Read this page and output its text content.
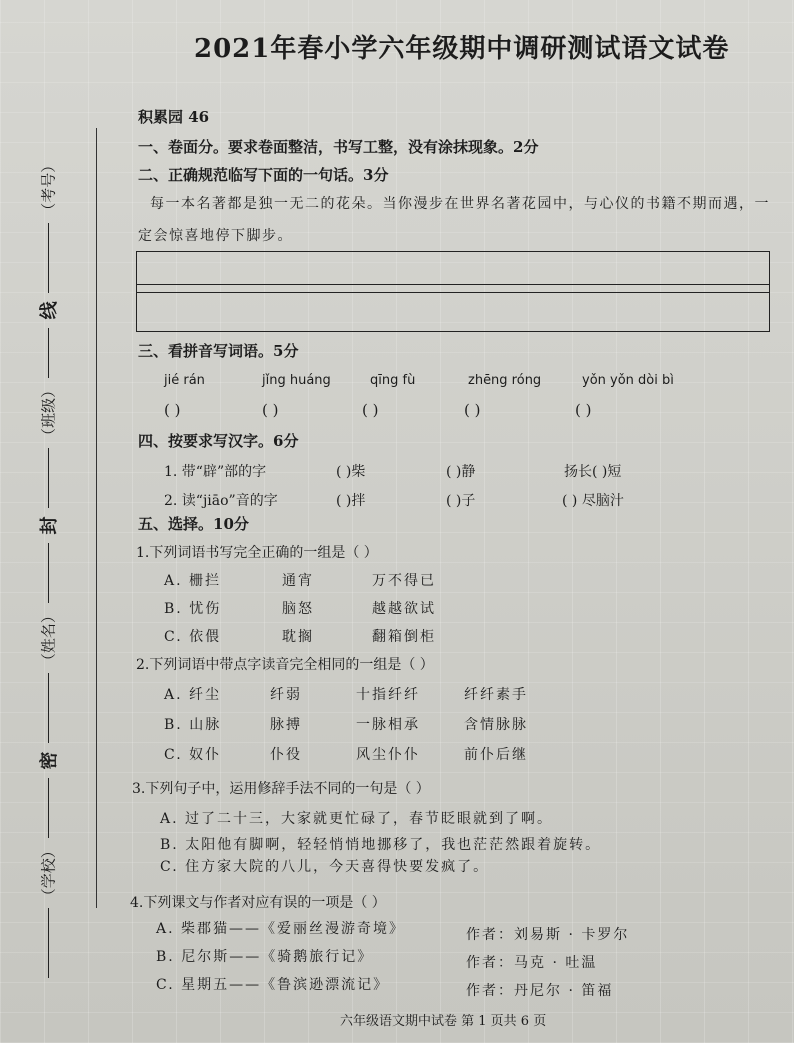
（学校）  密  （姓名）  封  （班级）  线  （考号）
2021年春小学六年级期中调研测试语文试卷
积累园 46
一、卷面分。要求卷面整洁，书写工整，没有涂抹现象。2分
二、正确规范临写下面的一句话。3分
每一本名著都是独一无二的花朵。当你漫步在世界名著花园中，与心仪的书籍不期而遇，一定会惊喜地停下脚步。
三、看拼音写词语。5分
jié rán	jǐng huáng	qīng fù	zhēng róng	yǒn yǒn dòi bì
( )	( )	( )	( )	( )
四、按要求写汉字。6分
1. 带“辟”部的字	( )柴	( )静	扬长( )短
2. 读“jiāo”音的字	( )拌	( )子	( ) 尽脑汁
五、选择。10分
1.下列词语书写完全正确的一组是（ ）
A. 栅拦	通宵	万不得已
B. 忧伤	脑怒	越越欲试
C. 依偎	耽搁	翻箱倒柜
2.下列词语中带点字读音完全相同的一组是（ ）
A. 纤尘	纤弱	十指纤纤	纤纤素手
B. 山脉	脉搏	一脉相承	含情脉脉
C. 奴仆	仆役	风尘仆仆	前仆后继
3.下列句子中，运用修辞手法不同的一句是（ ）
A. 过了二十三，大家就更忙碌了，春节眨眼就到了啊。
B. 太阳他有脚啊，轻轻悄悄地挪移了，我也茫茫然跟着旋转。
C. 住方家大院的八儿，今天喜得快要发疯了。
4.下列课文与作者对应有误的一项是（ ）
A. 柴郡猫——《爱丽丝漫游奇境》	作者：刘易斯 · 卡罗尔
B. 尼尔斯——《骑鹅旅行记》	作者：马克 · 吐温
C. 星期五——《鲁滨逊漂流记》	作者：丹尼尔 · 笛福
六年级语文期中试卷 第 1 页共 6 页
